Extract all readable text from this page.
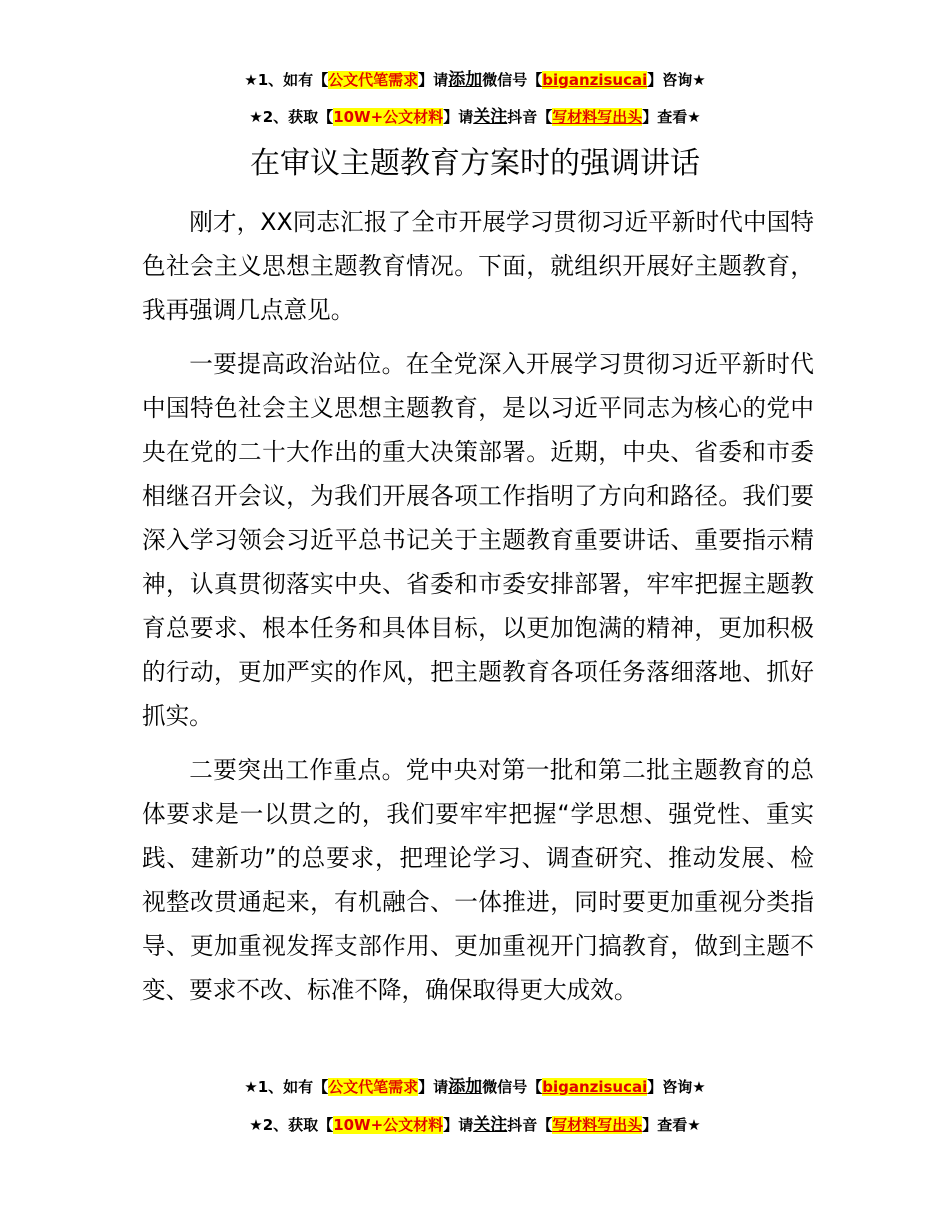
★1、如有【公文代笔需求】请添加微信号【biganzisucai】咨询★
★2、获取【10W+公文材料】请关注抖音【写材料写出头】查看★
在审议主题教育方案时的强调讲话

刚才，XX同志汇报了全市开展学习贯彻习近平新时代中国特色社会主义思想主题教育情况。下面，就组织开展好主题教育，我再强调几点意见。

一要提高政治站位。在全党深入开展学习贯彻习近平新时代中国特色社会主义思想主题教育，是以习近平同志为核心的党中央在党的二十大作出的重大决策部署。近期，中央、省委和市委相继召开会议，为我们开展各项工作指明了方向和路径。我们要深入学习领会习近平总书记关于主题教育重要讲话、重要指示精神，认真贯彻落实中央、省委和市委安排部署，牢牢把握主题教育总要求、根本任务和具体目标，以更加饱满的精神，更加积极的行动，更加严实的作风，把主题教育各项任务落细落地、抓好抓实。

二要突出工作重点。党中央对第一批和第二批主题教育的总体要求是一以贯之的，我们要牢牢把握“学思想、强党性、重实践、建新功”的总要求，把理论学习、调查研究、推动发展、检视整改贯通起来，有机融合、一体推进，同时要更加重视分类指导、更加重视发挥支部作用、更加重视开门搞教育，做到主题不变、要求不改、标准不降，确保取得更大成效。

★1、如有【公文代笔需求】请添加微信号【biganzisucai】咨询★
★2、获取【10W+公文材料】请关注抖音【写材料写出头】查看★
